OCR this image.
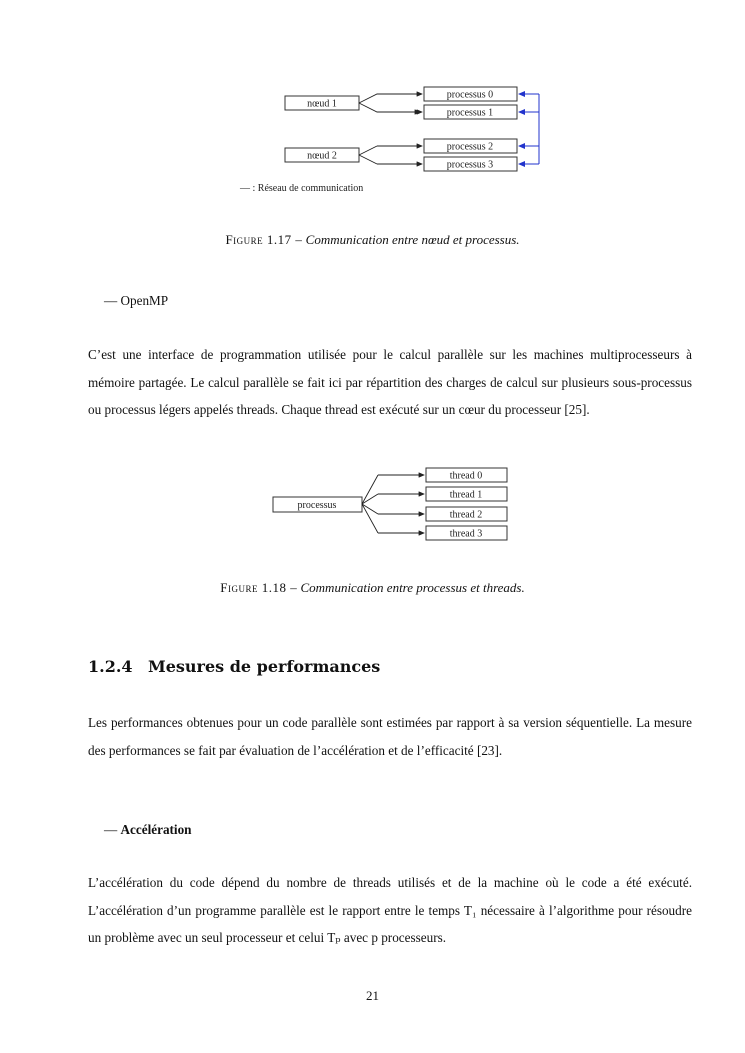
nœud 1
nœud 2
processus 0
processus 1
processus 2
processus 3
— : Réseau de communication
Figure 1.17 – Communication entre nœud et processus.
— OpenMP
C’est une interface de programmation utilisée pour le calcul parallèle sur les machines multiprocesseurs à mémoire partagée. Le calcul parallèle se fait ici par répartition des charges de calcul sur plusieurs sous-processus ou processus légers appelés threads. Chaque thread est exécuté sur un cœur du processeur [25].
processus
thread 0
thread 1
thread 2
thread 3
Figure 1.18 – Communication entre processus et threads.
1.2.4 Mesures de performances
Les performances obtenues pour un code parallèle sont estimées par rapport à sa version séquentielle. La mesure des performances se fait par évaluation de l’accélération et de l’efficacité [23].
— Accélération
L’accélération du code dépend du nombre de threads utilisés et de la machine où le code a été exécuté. L’accélération d’un programme parallèle est le rapport entre le temps T₁ nécessaire à l’algorithme pour résoudre un problème avec un seul processeur et celui Tₚ avec p processeurs.
21
